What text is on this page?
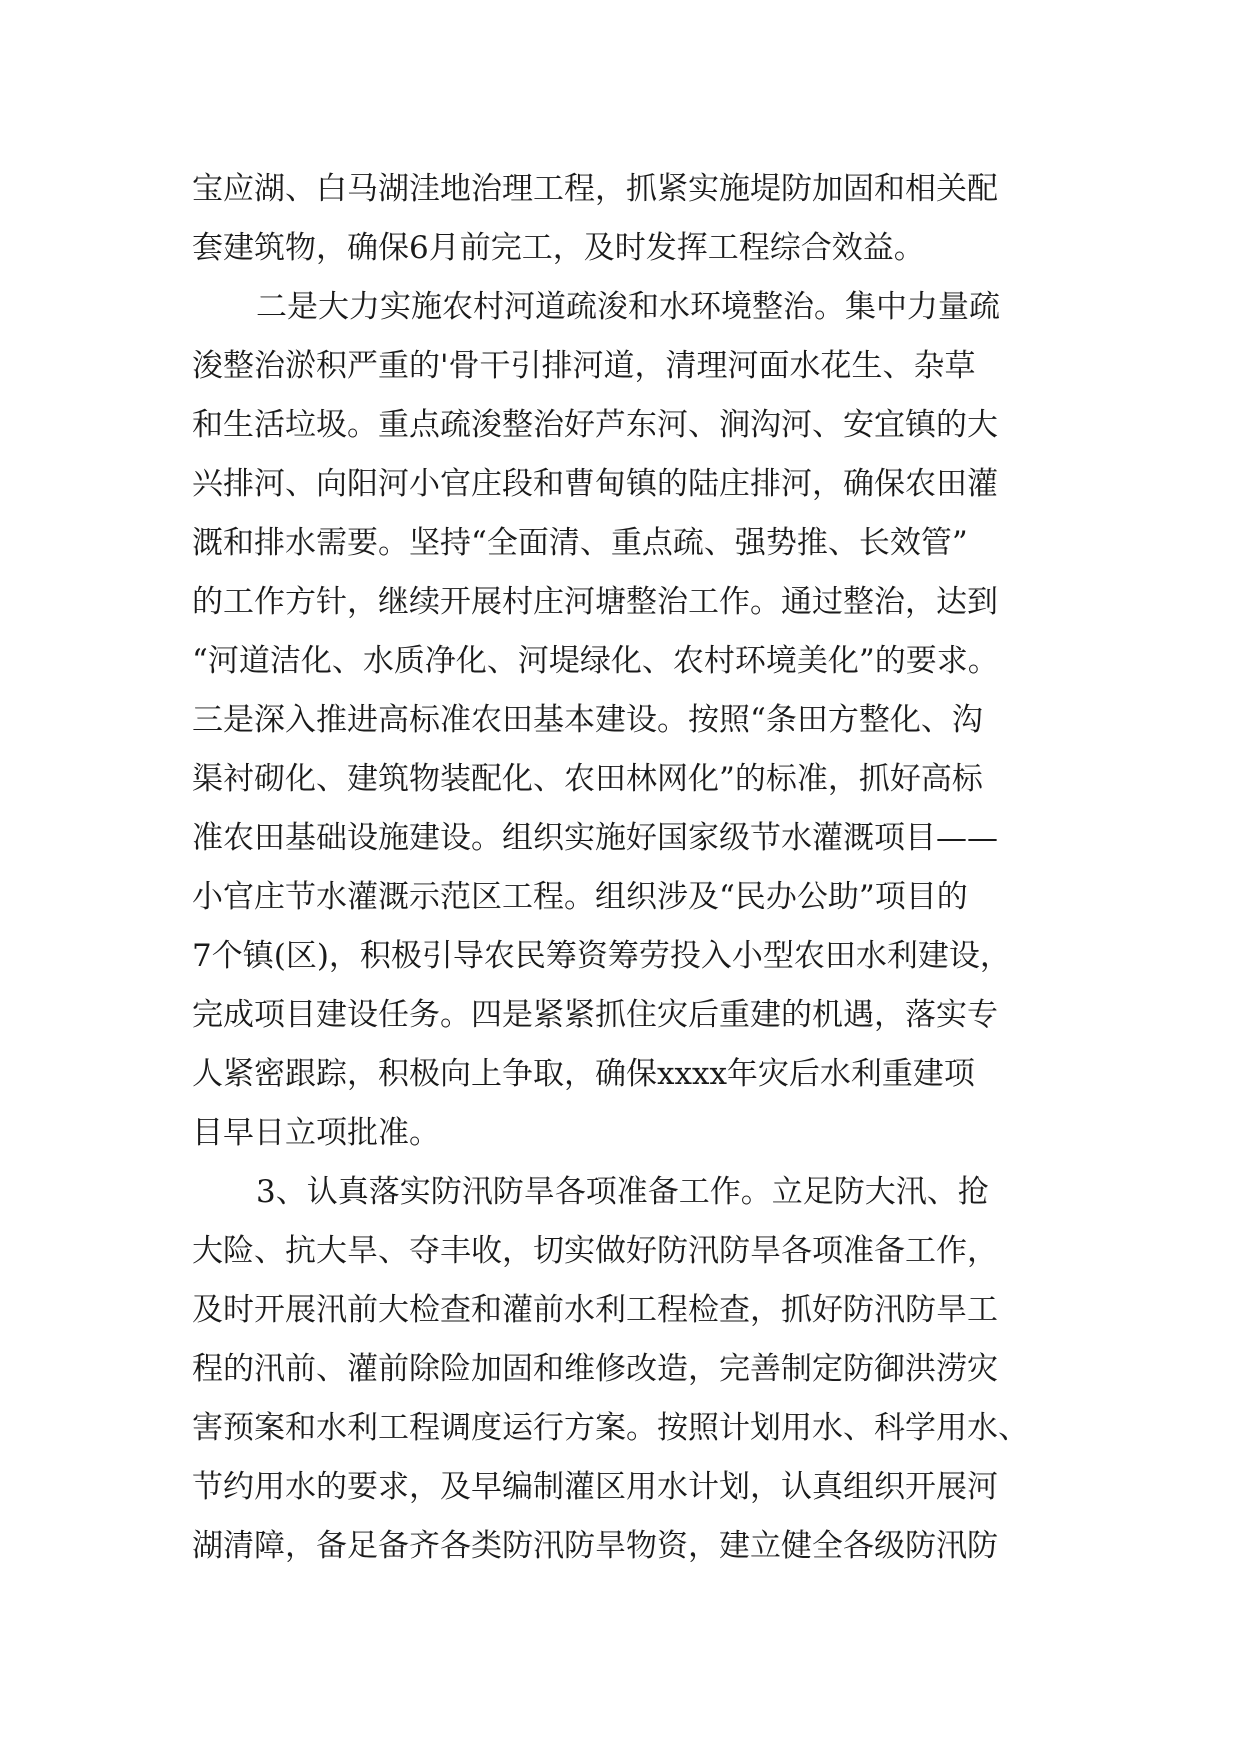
宝应湖、白马湖洼地治理工程，抓紧实施堤防加固和相关配
套建筑物，确保6月前完工，及时发挥工程综合效益。
二是大力实施农村河道疏浚和水环境整治。集中力量疏
浚整治淤积严重的'骨干引排河道，清理河面水花生、杂草
和生活垃圾。重点疏浚整治好芦东河、涧沟河、安宜镇的大
兴排河、向阳河小官庄段和曹甸镇的陆庄排河，确保农田灌
溉和排水需要。坚持“全面清、重点疏、强势推、长效管”
的工作方针，继续开展村庄河塘整治工作。通过整治，达到
“河道洁化、水质净化、河堤绿化、农村环境美化”的要求。
三是深入推进高标准农田基本建设。按照“条田方整化、沟
渠衬砌化、建筑物装配化、农田林网化”的标准，抓好高标
准农田基础设施建设。组织实施好国家级节水灌溉项目——
小官庄节水灌溉示范区工程。组织涉及“民办公助”项目的
7个镇(区)，积极引导农民筹资筹劳投入小型农田水利建设，
完成项目建设任务。四是紧紧抓住灾后重建的机遇，落实专
人紧密跟踪，积极向上争取，确保xxxx年灾后水利重建项
目早日立项批准。
3、认真落实防汛防旱各项准备工作。立足防大汛、抢
大险、抗大旱、夺丰收，切实做好防汛防旱各项准备工作，
及时开展汛前大检查和灌前水利工程检查，抓好防汛防旱工
程的汛前、灌前除险加固和维修改造，完善制定防御洪涝灾
害预案和水利工程调度运行方案。按照计划用水、科学用水、
节约用水的要求，及早编制灌区用水计划，认真组织开展河
湖清障，备足备齐各类防汛防旱物资，建立健全各级防汛防
